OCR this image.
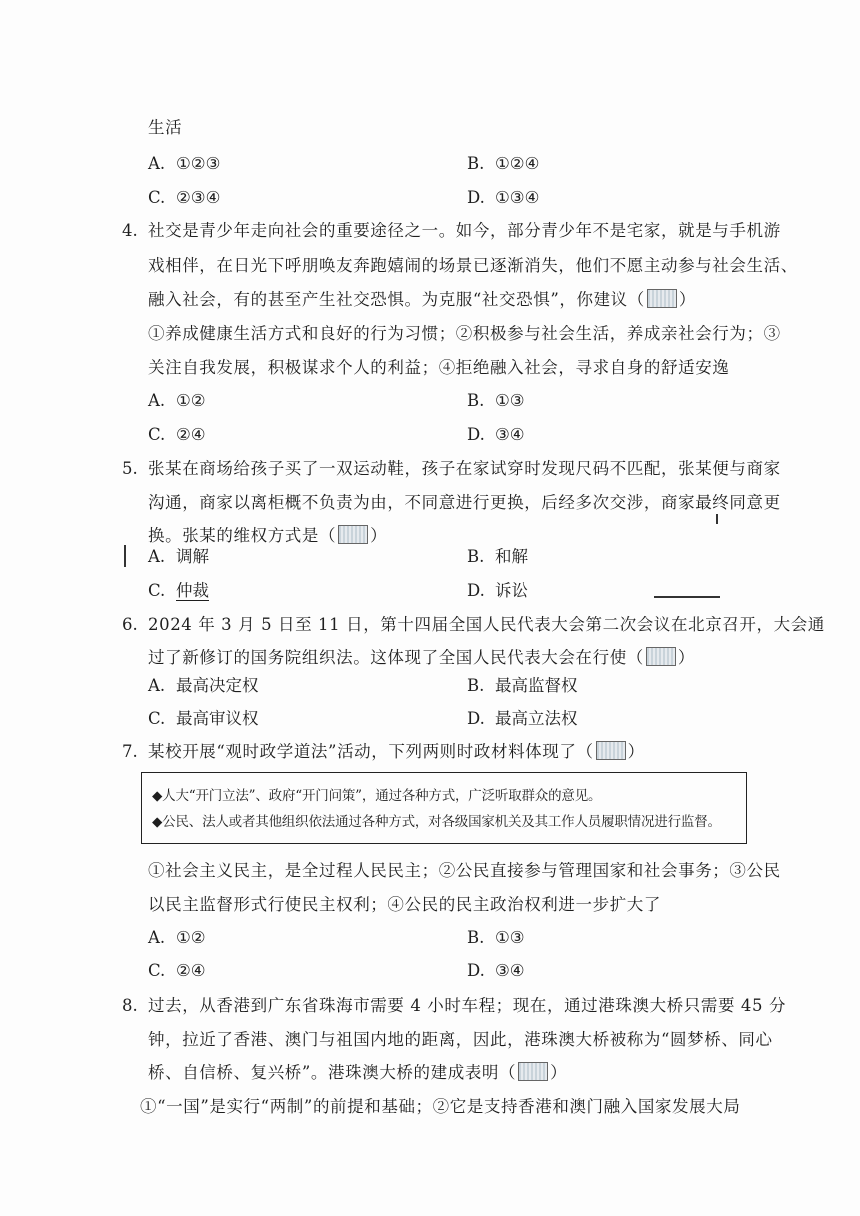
生活
A. ①②③	B. ①②④
C. ②③④	D. ①③④
4. 社交是青少年走向社会的重要途径之一。如今，部分青少年不是宅家，就是与手机游
戏相伴，在日光下呼朋唤友奔跑嬉闹的场景已逐渐消失，他们不愿主动参与社会生活、
融入社会，有的甚至产生社交恐惧。为克服“社交恐惧”，你建议（ ）
①养成健康生活方式和良好的行为习惯；②积极参与社会生活，养成亲社会行为；③
关注自我发展，积极谋求个人的利益；④拒绝融入社会，寻求自身的舒适安逸
A. ①②	B. ①③
C. ②④	D. ③④
5. 张某在商场给孩子买了一双运动鞋，孩子在家试穿时发现尺码不匹配，张某便与商家
沟通，商家以离柜概不负责为由，不同意进行更换，后经多次交涉，商家最终同意更
换。张某的维权方式是（ ）
A. 调解	B. 和解
C. 仲裁	D. 诉讼
6. 2024 年 3 月 5 日至 11 日，第十四届全国人民代表大会第二次会议在北京召开，大会通
过了新修订的国务院组织法。这体现了全国人民代表大会在行使（ ）
A. 最高决定权	B. 最高监督权
C. 最高审议权	D. 最高立法权
7. 某校开展“观时政学道法”活动，下列两则时政材料体现了（ ）
◆人大“开门立法”、政府“开门问策”，通过各种方式，广泛听取群众的意见。
◆公民、法人或者其他组织依法通过各种方式，对各级国家机关及其工作人员履职情况进行监督。
①社会主义民主，是全过程人民民主；②公民直接参与管理国家和社会事务；③公民
以民主监督形式行使民主权利；④公民的民主政治权利进一步扩大了
A. ①②	B. ①③
C. ②④	D. ③④
8. 过去，从香港到广东省珠海市需要 4 小时车程；现在，通过港珠澳大桥只需要 45 分
钟，拉近了香港、澳门与祖国内地的距离，因此，港珠澳大桥被称为“圆梦桥、同心
桥、自信桥、复兴桥”。港珠澳大桥的建成表明（ ）
①“一国”是实行“两制”的前提和基础；②它是支持香港和澳门融入国家发展大局
